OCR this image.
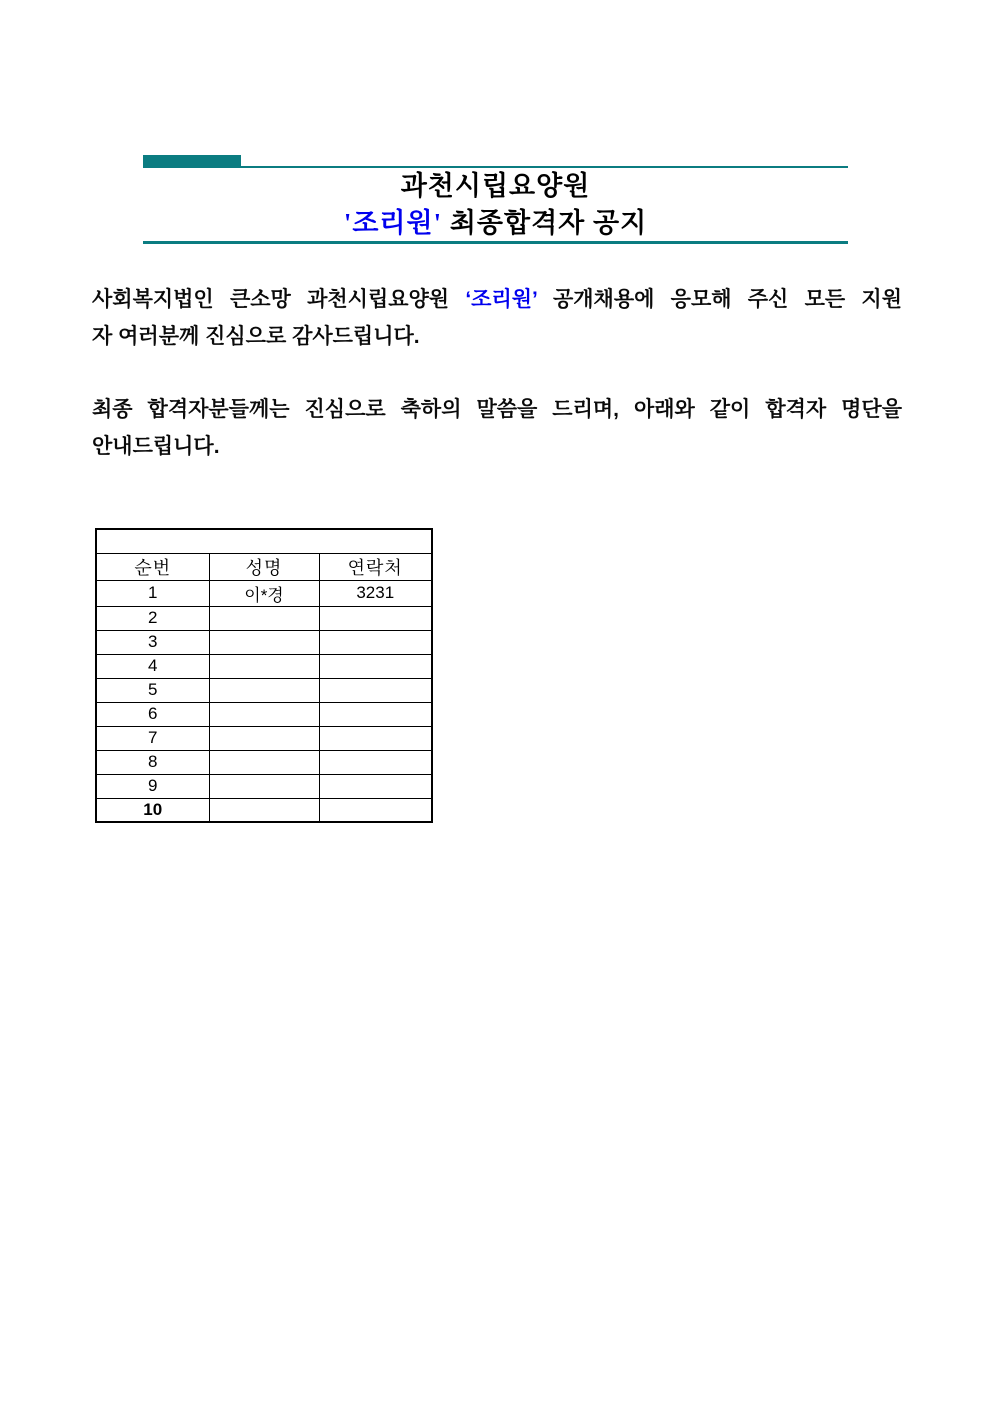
과천시립요양원
'조리원' 최종합격자 공지
사회복지법인 큰소망 과천시립요양원 ‘조리원’ 공개채용에 응모해 주신 모든 지원
자 여러분께 진심으로 감사드립니다.
최종 합격자분들께는 진심으로 축하의 말씀을 드리며, 아래와 같이 합격자 명단을
안내드립니다.

순번	성명	연락처
1	이*경	3231
2		
3		
4		
5		
6		
7		
8		
9		
10		
